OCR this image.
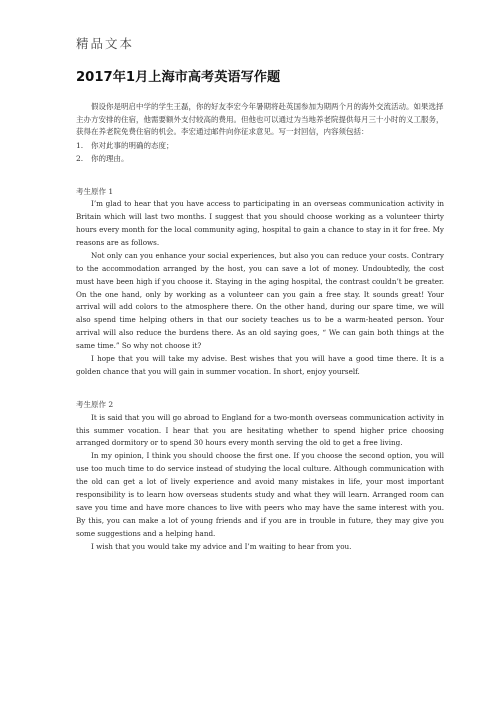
精品文本
2017年1月上海市高考英语写作题

假设你是明启中学的学生王磊，你的好友李宏今年暑期将赴英国参加为期两个月的海外交流活动。如果选择主办方安排的住宿，他需要额外支付较高的费用。但他也可以通过为当地养老院提供每月三十小时的义工服务，获得在养老院免费住宿的机会。李宏通过邮件向你征求意见。写一封回信，内容须包括：

1.	你对此事的明确的态度；
2.	你的理由。
考生原作 1

I’m glad to hear that you have access to participating in an overseas communication activity in Britain which will last two months. I suggest that you should choose working as a volunteer thirty hours every month for the local community aging, hospital to gain a chance to stay in it for free. My reasons are as follows.

Not only can you enhance your social experiences, but also you can reduce your costs. Contrary to the accommodation arranged by the host, you can save a lot of money. Undoubtedly, the cost must have been high if you choose it. Staying in the aging hospital, the contrast couldn’t be greater. On the one hand, only by working as a volunteer can you gain a free stay. It sounds great! Your arrival will add colors to the atmosphere there. On the other hand, during our spare time, we will also spend time helping others in that our society teaches us to be a warm-heated person. Your arrival will also reduce the burdens there. As an old saying goes, “ We can gain both things at the same time.” So why not choose it?

I hope that you will take my advise. Best wishes that you will have a good time there. It is a golden chance that you will gain in summer vocation. In short, enjoy yourself.

考生原作 2

It is said that you will go abroad to England for a two-month overseas communication activity in this summer vocation. I hear that you are hesitating whether to spend higher price choosing arranged dormitory or to spend 30 hours every month serving the old to get a free living.

In my opinion, I think you should choose the first one. If you choose the second option, you will use too much time to do service instead of studying the local culture. Although communication with the old can get a lot of lively experience and avoid many mistakes in life, your most important responsibility is to learn how overseas students study and what they will learn. Arranged room can save you time and have more chances to live with peers who may have the same interest with you. By this, you can make a lot of young friends and if you are in trouble in future, they may give you some suggestions and a helping hand.

I wish that you would take my advice and I’m waiting to hear from you.
